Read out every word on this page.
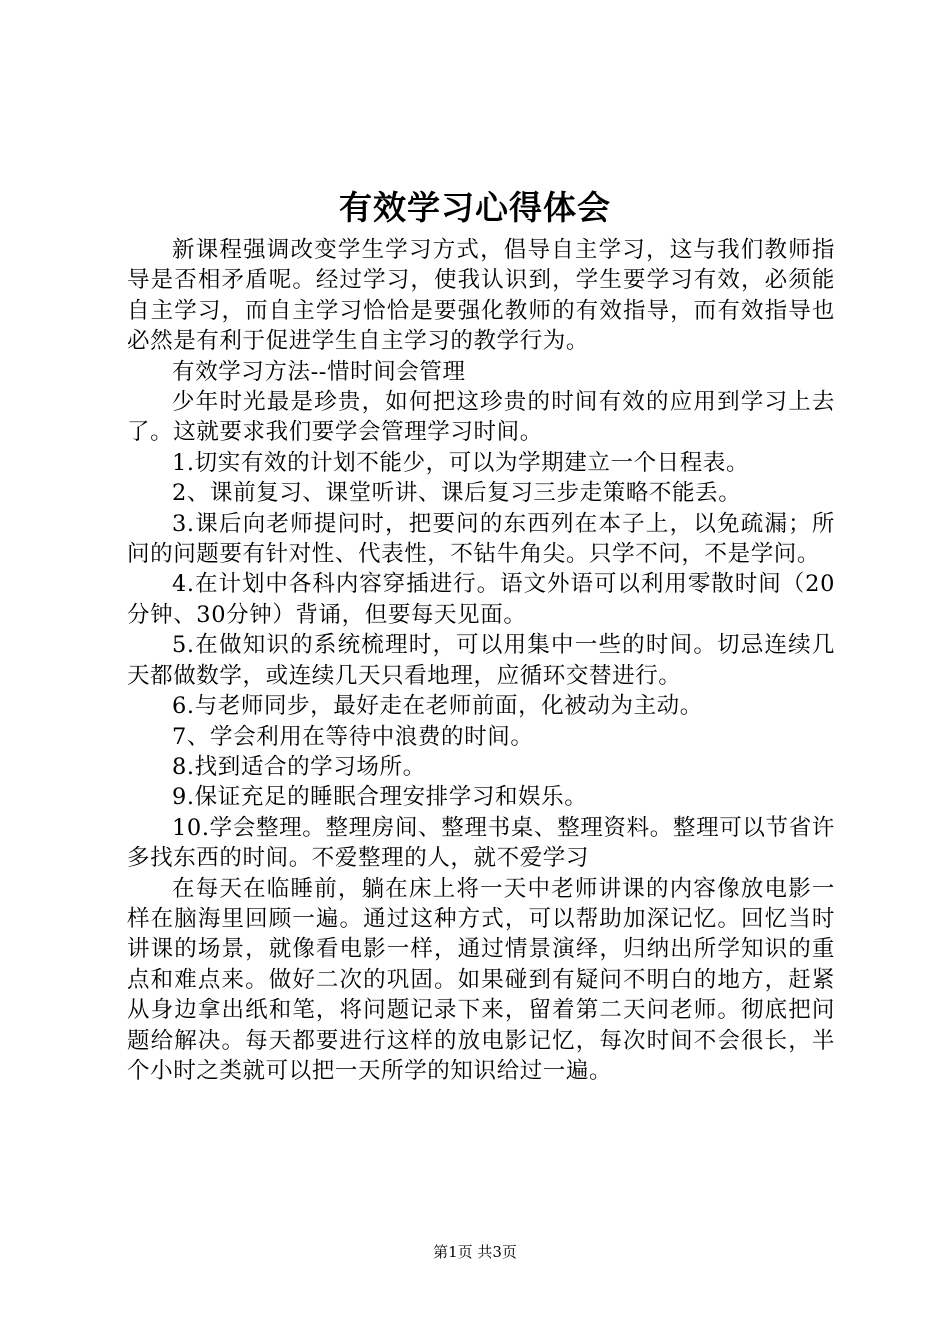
有效学习心得体会

新课程强调改变学生学习方式，倡导自主学习，这与我们教师指导是否相矛盾呢。经过学习，使我认识到，学生要学习有效，必须能自主学习，而自主学习恰恰是要强化教师的有效指导，而有效指导也必然是有利于促进学生自主学习的教学行为。

有效学习方法--惜时间会管理

少年时光最是珍贵，如何把这珍贵的时间有效的应用到学习上去了。这就要求我们要学会管理学习时间。

1.切实有效的计划不能少，可以为学期建立一个日程表。

2、课前复习、课堂听讲、课后复习三步走策略不能丢。

3.课后向老师提问时，把要问的东西列在本子上，以免疏漏；所问的问题要有针对性、代表性，不钻牛角尖。只学不问，不是学问。

4.在计划中各科内容穿插进行。语文外语可以利用零散时间（20分钟、30分钟）背诵，但要每天见面。

5.在做知识的系统梳理时，可以用集中一些的时间。切忌连续几天都做数学，或连续几天只看地理，应循环交替进行。

6.与老师同步，最好走在老师前面，化被动为主动。

7、学会利用在等待中浪费的时间。

8.找到适合的学习场所。

9.保证充足的睡眠合理安排学习和娱乐。

10.学会整理。整理房间、整理书桌、整理资料。整理可以节省许多找东西的时间。不爱整理的人，就不爱学习

在每天在临睡前，躺在床上将一天中老师讲课的内容像放电影一样在脑海里回顾一遍。通过这种方式，可以帮助加深记忆。回忆当时讲课的场景，就像看电影一样，通过情景演绎，归纳出所学知识的重点和难点来。做好二次的巩固。如果碰到有疑问不明白的地方，赶紧从身边拿出纸和笔，将问题记录下来，留着第二天问老师。彻底把问题给解决。每天都要进行这样的放电影记忆，每次时间不会很长，半个小时之类就可以把一天所学的知识给过一遍。

第1页 共3页
